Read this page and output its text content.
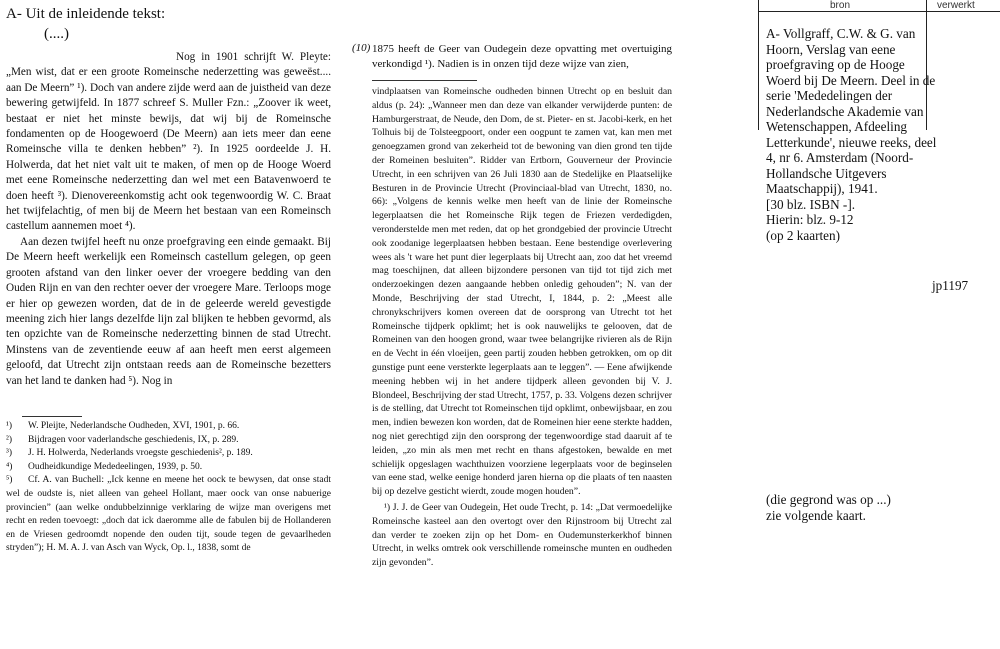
A- Uit de inleidende tekst:
(....)

Nog in 1901 schrijft W. Pleyte: „Men wist, dat er een groote Romeinsche nederzetting was geweëst.... aan De Meern” ¹). Doch van andere zijde werd aan de juistheid van deze bewering getwijfeld. In 1877 schreef S. Muller Fzn.: „Zoover ik weet, bestaat er niet het minste bewijs, dat wij bij de Romeinsche fondamenten op de Hoogewoerd (De Meern) aan iets meer dan eene Romeinsche villa te denken hebben” ²). In 1925 oordeelde J. H. Holwerda, dat het niet valt uit te maken, of men op de Hooge Woerd met eene Romeinsche nederzetting dan wel met een Batavenwoerd te doen heeft ³). Dienovereenkomstig acht ook tegenwoordig W. C. Braat het twijfelachtig, of men bij de Meern het bestaan van een Romeinsch castellum aannemen moet ⁴).

Aan dezen twijfel heeft nu onze proefgraving een einde gemaakt. Bij De Meern heeft werkelijk een Romeinsch castellum gelegen, op geen grooten afstand van den linker oever der vroegere bedding van den Ouden Rijn en van den rechter oever der vroegere Mare. Terloops moge er hier op gewezen worden, dat de in de geleerde wereld gevestigde meening zich hier langs dezelfde lijn zal blijken te hebben gevormd, als ten opzichte van de Romeinsche nederzetting binnen de stad Utrecht. Minstens van de zeventiende eeuw af aan heeft men eerst algemeen geloofd, dat Utrecht zijn ontstaan reeds aan de Romeinsche bezetters van het land te danken had ⁵). Nog in

¹) W. Pleijte, Nederlandsche Oudheden, XVI, 1901, p. 66.

²) Bijdragen voor vaderlandsche geschiedenis, IX, p. 289.

³) J. H. Holwerda, Nederlands vroegste geschiedenis², p. 189.

⁴) Oudheidkundige Mededeelingen, 1939, p. 50.

⁵) Cf. A. van Buchell: „Ick kenne en meene het oock te bewysen, dat onse stadt wel de oudste is, niet alleen van geheel Hollant, maer oock van onse nabuerige provincien” (aan welke ondubbelzinnige verklaring de wijze man overigens met recht en reden toevoegt: „doch dat ick daeromme alle de fabulen bij de Hollanderen en de Vriesen gedroomdt nopende den ouden tijt, soude tegen de gevaarlheden stryden”); H. M. A. J. van Asch van Wyck, Op. l., 1838, somt de

(10) 1875 heeft de Geer van Oudegein deze opvatting met overtuiging verkondigd ¹). Nadien is in onzen tijd deze wijze van zien,

vindplaatsen van Romeinsche oudheden binnen Utrecht op en besluit dan aldus (p. 24): „Wanneer men dan deze van elkander verwijderde punten: de Hamburgerstraat, de Neude, den Dom, de st. Pieter- en st. Jacobi-kerk, en het Tolhuis bij de Tolsteegpoort, onder een oogpunt te zamen vat, kan men met genoegzamen grond van zekerheid tot de bewoning van dien grond ten tijde der Romeinen besluiten”. Ridder van Ertborn, Gouverneur der Provincie Utrecht, in een schrijven van 26 Juli 1830 aan de Stedelijke en Plaatselijke Besturen in de Provincie Utrecht (Provinciaal-blad van Utrecht, 1830, no. 66): „Volgens de kennis welke men heeft van de linie der Romeinsche legerplaatsen die het Romeinsche Rijk tegen de Friezen verdedigden, veronderstelde men met reden, dat op het grondgebied der provincie Utrecht ook zoodanige legerplaatsen hebben bestaan. Eene bestendige overlevering wees als 't ware het punt dier legerplaats bij Utrecht aan, zoo dat het vreemd mag toeschijnen, dat alleen bijzondere personen van tijd tot tijd zich met onderzoekingen dezen aangaande hebben onledig gehouden”; N. van der Monde, Beschrijving der stad Utrecht, I, 1844, p. 2: „Meest alle chronykschrijvers komen overeen dat de oorsprong van Utrecht tot het Romeinsche tijdperk opklimt; het is ook nauwelijks te gelooven, dat de Romeinen van den hoogen grond, waar twee belangrijke rivieren als de Rijn en de Vecht in één vloeijen, geen partij zouden hebben getrokken, om op dit gunstige punt eene versterkte legerplaats aan te leggen”. — Eene afwijkende meening hebben wij in het andere tijdperk alleen gevonden bij V. J. Blondeel, Beschrijving der stad Utrecht, 1757, p. 33. Volgens dezen schrijver is de stelling, dat Utrecht tot Romeinschen tijd opklimt, onbewijsbaar, en zou men, indien bewezen kon worden, dat de Romeinen hier eene sterkte hadden, nog niet gerechtigd zijn den oorsprong der tegenwoordige stad daaruit af te leiden, „zo min als men met recht en thans afgestoken, bewalde en met schielijk opgeslagen wachthuizen voorziene legerplaats voor de beginselen van eene stad, welke eenige honderd jaren hierna op die plaats of ten naasten bij op dezelve gesticht wierdt, zoude mogen houden”.

¹) J. J. de Geer van Oudegein, Het oude Trecht, p. 14: „Dat vermoedelijke Romeinsche kasteel aan den overtogt over den Rijnstroom bij Utrecht zal dan verder te zoeken zijn op het Dom- en Oudemunsterkerkhof binnen Utrecht, in welks omtrek ook verschillende romeinsche munten en oudheden zijn gevonden”.

bron	verwerkt

A- Vollgraff, C.W. & G. van Hoorn, Verslag van eene proefgraving op de Hooge Woerd bij De Meern. Deel in de serie 'Mededelingen der Nederlandsche Akademie van Wetenschappen, Afdeeling Letterkunde', nieuwe reeks, deel 4, nr 6. Amsterdam (Noord-Hollandsche Uitgevers Maatschappij), 1941.

[30 blz. ISBN -].

Hierin: blz. 9-12

(op 2 kaarten)

jp1197
(die gegrond was op ...)
zie volgende kaart.
